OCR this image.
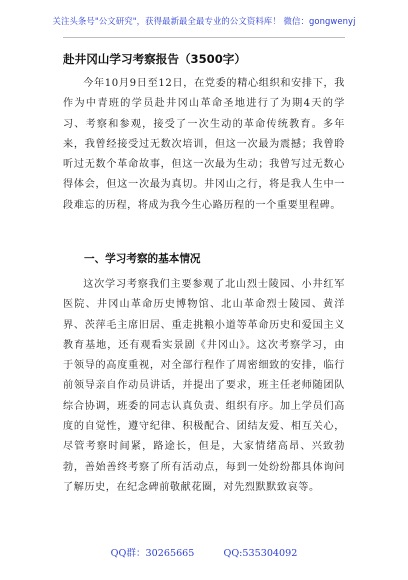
关注头条号"公文研究"，获得最新最全最专业的公文资料库！ 微信：gongwenyj
赴井冈山学习考察报告（3500字）

今年10月9日至12日，在党委的精心组织和安排下，我作为中青班的学员赴井冈山革命圣地进行了为期4天的学习、考察和参观，接受了一次生动的革命传统教育。多年来，我曾经接受过无数次培训，但这一次最为震撼；我曾聆听过无数个革命故事，但这一次最为生动；我曾写过无数心得体会，但这一次最为真切。井冈山之行，将是我人生中一段难忘的历程，将成为我今生心路历程的一个重要里程碑。

一、学习考察的基本情况

这次学习考察我们主要参观了北山烈士陵园、小井红军医院、井冈山革命历史博物馆、北山革命烈士陵园、黄洋界、茨萍毛主席旧居、重走挑粮小道等革命历史和爱国主义教育基地，还有观看实景剧《井冈山》。这次考察学习，由于领导的高度重视，对全部行程作了周密细致的安排，临行前领导亲自作动员讲话，并提出了要求，班主任老师随团队综合协调，班委的同志认真负责、组织有序。加上学员们高度的自觉性，遵守纪律、积极配合、团结友爱、相互关心，尽管考察时间紧，路途长，但是，大家情绪高昂、兴致勃勃，善始善终考察了所有活动点，每到一处纷纷都具体询问了解历史，在纪念碑前敬献花圈，对先烈默默致哀等。

QQ群：30265665	QQ:535304092
